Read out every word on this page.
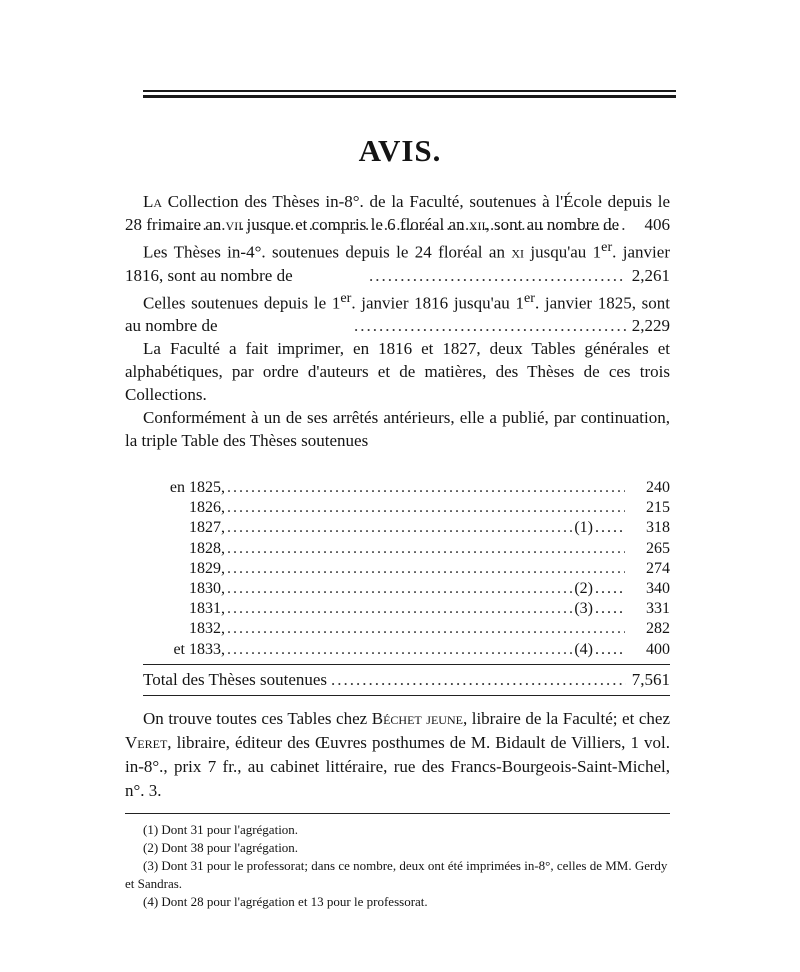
AVIS.

La Collection des Thèses in-8°. de la Faculté, soutenues à l'École depuis le 28 frimaire an vii jusque et compris le 6 floréal an xii, sont au nombre de .....	406

Les Thèses in-4°. soutenues depuis le 24 floréal an xi jusqu'au 1er. janvier 1816, sont au nombre de .....	2,261

Celles soutenues depuis le 1er. janvier 1816 jusqu'au 1er. janvier 1825, sont au nombre de .....	2,229

La Faculté a fait imprimer, en 1816 et 1827, deux Tables générales et alphabétiques, par ordre d'auteurs et de matières, des Thèses de ces trois Collections.

Conformément à un de ses arrêtés antérieurs, elle a publié, par continuation, la triple Table des Thèses soutenues

en 1825, .....	240
1826, .....	215
1827, .....	(1) .....	318
1828, .....	265
1829, .....	274
1830, .....	(2) .....	340
1831, .....	(3) .....	331
1832, .....	282
et 1833, .....	(4) .....	400
Total des Thèses soutenues .....	7,561

On trouve toutes ces Tables chez Béchet jeune, libraire de la Faculté; et chez Veret, libraire, éditeur des Œuvres posthumes de M. Bidault de Villiers, 1 vol. in-8°., prix 7 fr., au cabinet littéraire, rue des Francs-Bourgeois-Saint-Michel, n°. 3.

(1) Dont 31 pour l'agrégation.

(2) Dont 38 pour l'agrégation.

(3) Dont 31 pour le professorat; dans ce nombre, deux ont été imprimées in-8°, celles de MM. Gerdy et Sandras.

(4) Dont 28 pour l'agrégation et 13 pour le professorat.
